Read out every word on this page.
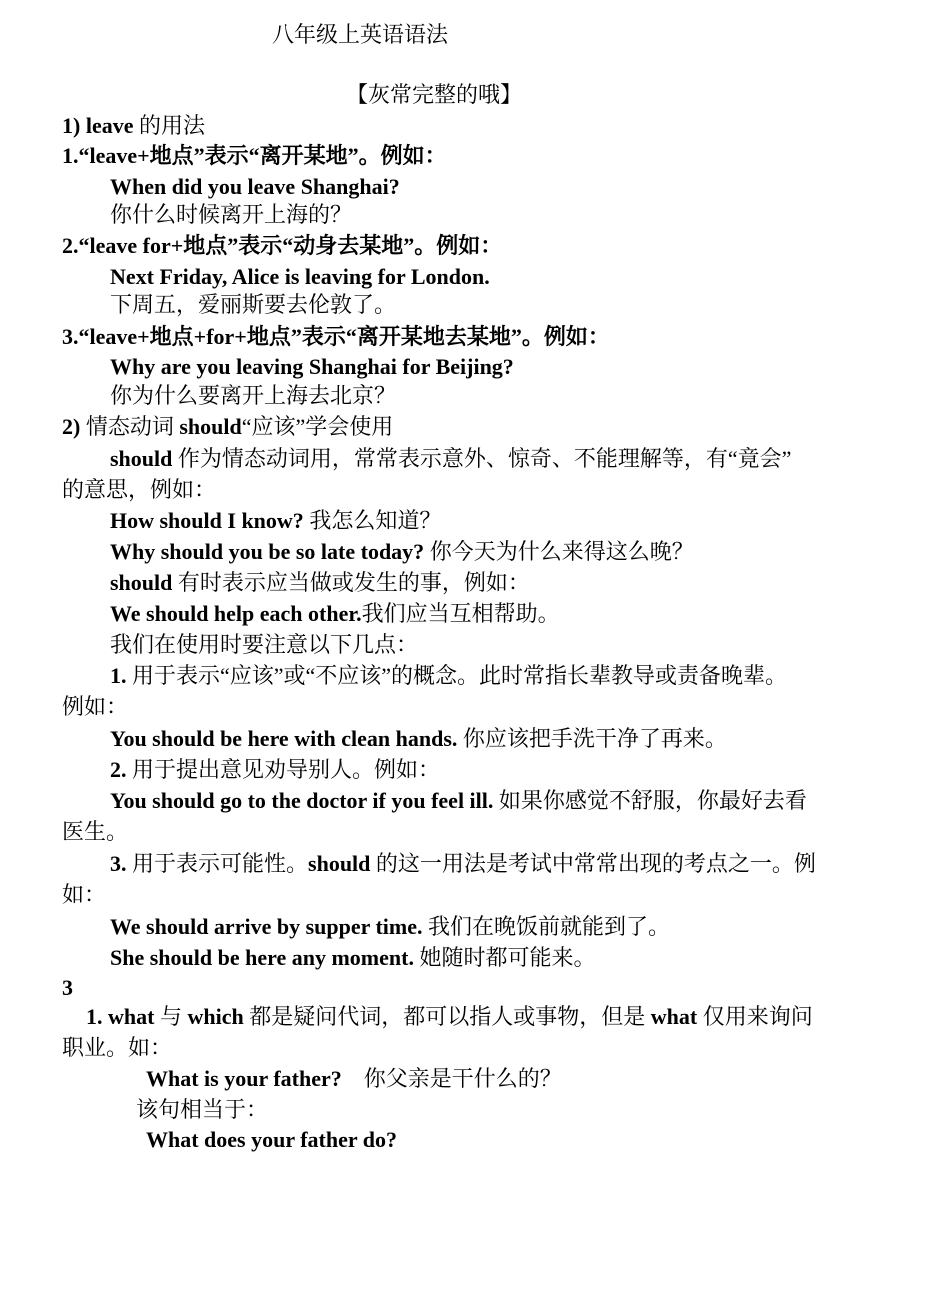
八年级上英语语法
【灰常完整的哦】
1) leave 的用法
1.“leave+地点”表示“离开某地”。例如：
When did you leave Shanghai?
你什么时候离开上海的？
2.“leave for+地点”表示“动身去某地”。例如：
Next Friday, Alice is leaving for London.
下周五，爱丽斯要去伦敦了。
3.“leave+地点+for+地点”表示“离开某地去某地”。例如：
Why are you leaving Shanghai for Beijing?
你为什么要离开上海去北京？
2) 情态动词 should“应该”学会使用
should 作为情态动词用，常常表示意外、惊奇、不能理解等，有“竟会”
的意思，例如：
How should I know? 我怎么知道？
Why should you be so late today? 你今天为什么来得这么晚？
should 有时表示应当做或发生的事，例如：
We should help each other.我们应当互相帮助。
我们在使用时要注意以下几点：
1. 用于表示“应该”或“不应该”的概念。此时常指长辈教导或责备晚辈。
例如：
You should be here with clean hands. 你应该把手洗干净了再来。
2. 用于提出意见劝导别人。例如：
You should go to the doctor if you feel ill. 如果你感觉不舒服，你最好去看
医生。
3. 用于表示可能性。should 的这一用法是考试中常常出现的考点之一。例
如：
We should arrive by supper time. 我们在晚饭前就能到了。
She should be here any moment. 她随时都可能来。
3
1. what 与 which 都是疑问代词，都可以指人或事物，但是 what 仅用来询问
职业。如：
What is your father?    你父亲是干什么的？
该句相当于：
What does your father do?
